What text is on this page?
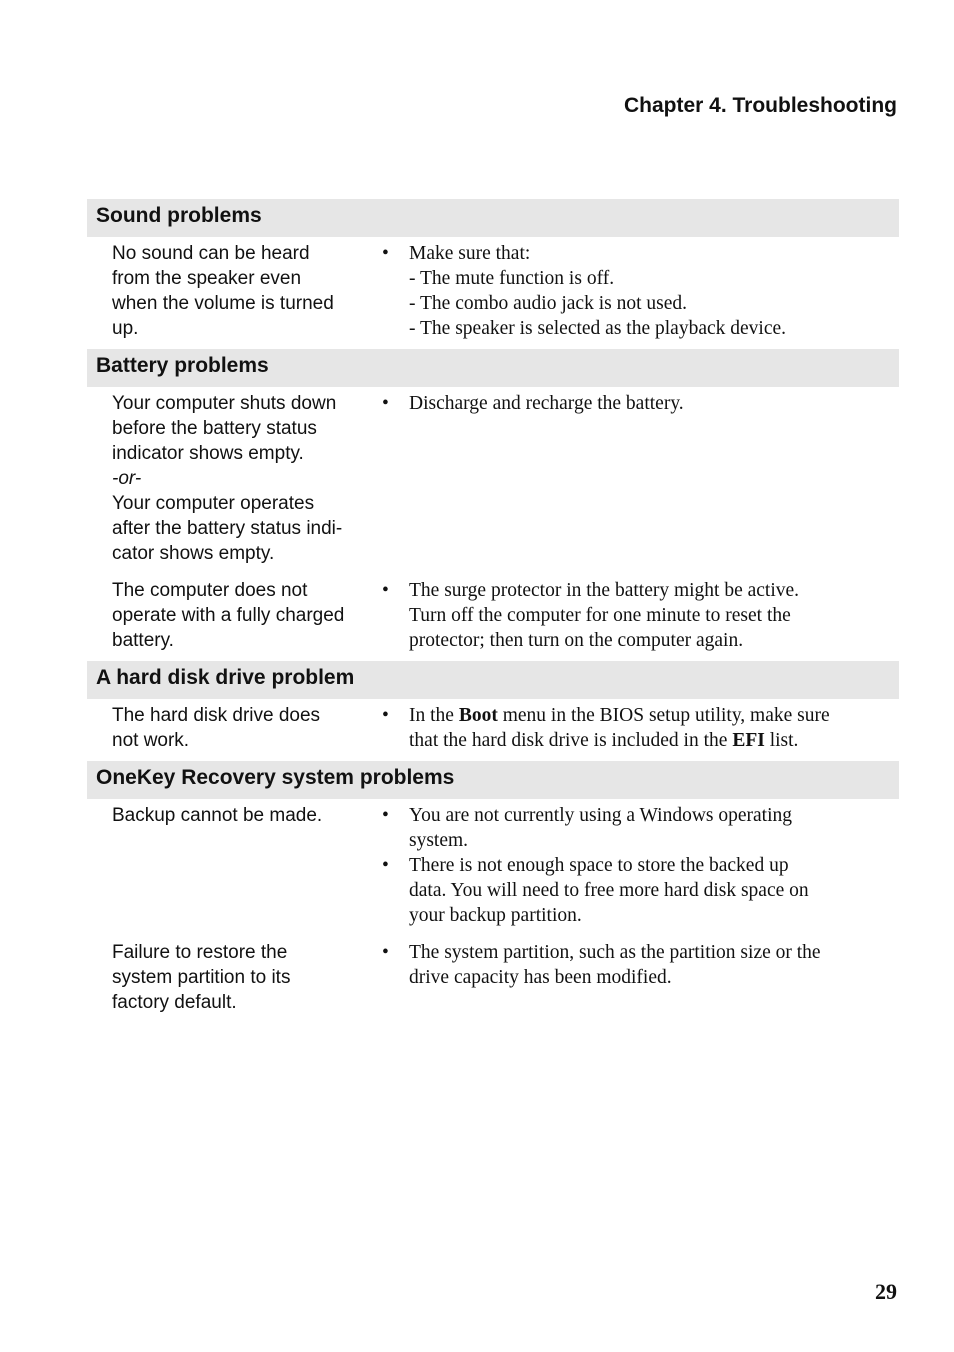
Chapter 4. Troubleshooting
Sound problems
No sound can be heard
from the speaker even
when the volume is turned
up.
• Make sure that:
- The mute function is off.
- The combo audio jack is not used.
- The speaker is selected as the playback device.
Battery problems
Your computer shuts down
before the battery status
indicator shows empty.
-or-
Your computer operates
after the battery status indi-
cator shows empty.
• Discharge and recharge the battery.
The computer does not
operate with a fully charged
battery.
• The surge protector in the battery might be active.
Turn off the computer for one minute to reset the
protector; then turn on the computer again.
A hard disk drive problem
The hard disk drive does
not work.
• In the Boot menu in the BIOS setup utility, make sure
that the hard disk drive is included in the EFI list.
OneKey Recovery system problems
Backup cannot be made.	• You are not currently using a Windows operating
system.
• There is not enough space to store the backed up
data. You will need to free more hard disk space on
your backup partition.
Failure to restore the
system partition to its
factory default.
• The system partition, such as the partition size or the
drive capacity has been modified.
29
